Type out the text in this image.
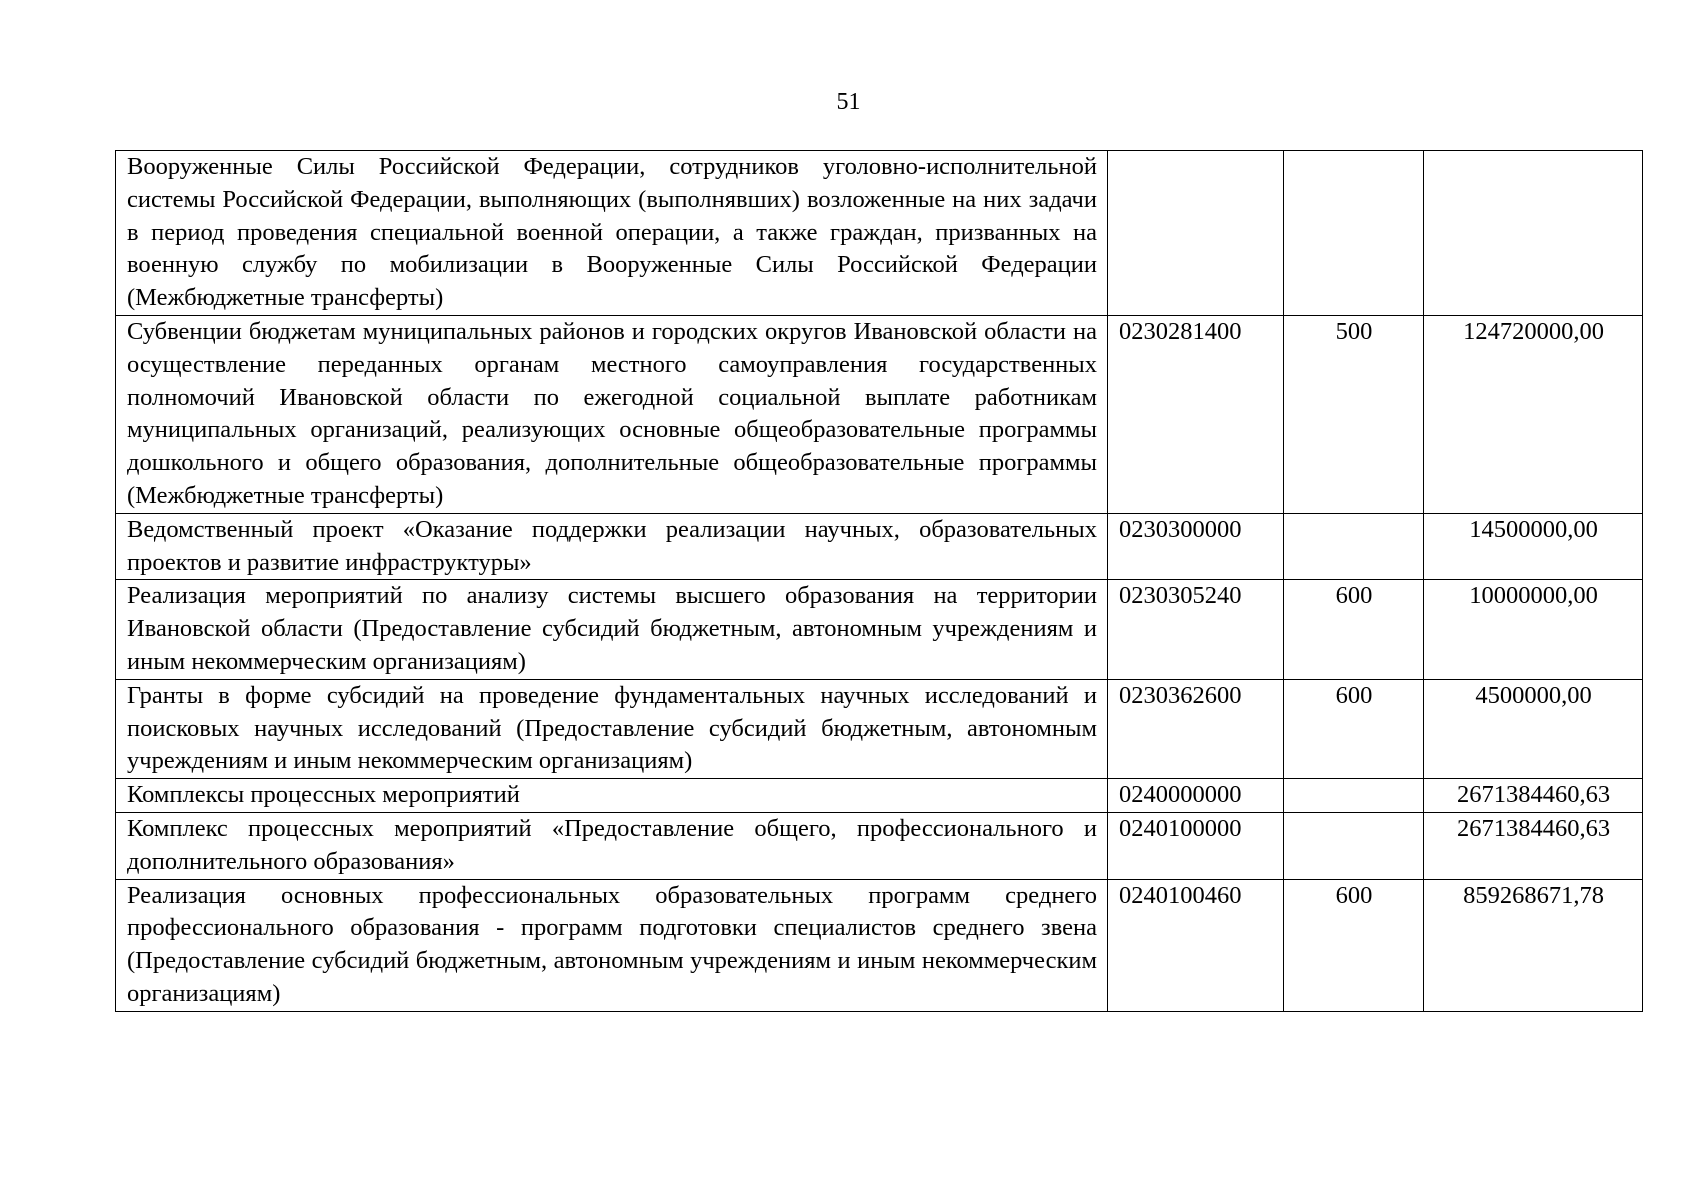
51
Вооруженные Силы Российской Федерации, сотрудников уголовно-исполнительной системы Российской Федерации, выполняющих (выполнявших) возложенные на них задачи в период проведения специальной военной операции, а также граждан, призванных на военную службу по мобилизации в Вооруженные Силы Российской Федерации (Межбюджетные трансферты)			
Субвенции бюджетам муниципальных районов и городских округов Ивановской области на осуществление переданных органам местного самоуправления государственных полномочий Ивановской области по ежегодной социальной выплате работникам муниципальных организаций, реализующих основные общеобразовательные программы дошкольного и общего образования, дополнительные общеобразовательные программы (Межбюджетные трансферты)	0230281400	500	124720000,00
Ведомственный проект «Оказание поддержки реализации научных, образовательных проектов и развитие инфраструктуры»	0230300000		14500000,00
Реализация мероприятий по анализу системы высшего образования на территории Ивановской области (Предоставление субсидий бюджетным, автономным учреждениям и иным некоммерческим организациям)	0230305240	600	10000000,00
Гранты в форме субсидий на проведение фундаментальных научных исследований и поисковых научных исследований (Предоставление субсидий бюджетным, автономным учреждениям и иным некоммерческим организациям)	0230362600	600	4500000,00
Комплексы процессных мероприятий	0240000000		2671384460,63
Комплекс процессных мероприятий «Предоставление общего, профессионального и дополнительного образования»	0240100000		2671384460,63
Реализация основных профессиональных образовательных программ среднего профессионального образования - программ подготовки специалистов среднего звена (Предоставление субсидий бюджетным, автономным учреждениям и иным некоммерческим организациям)	0240100460	600	859268671,78
